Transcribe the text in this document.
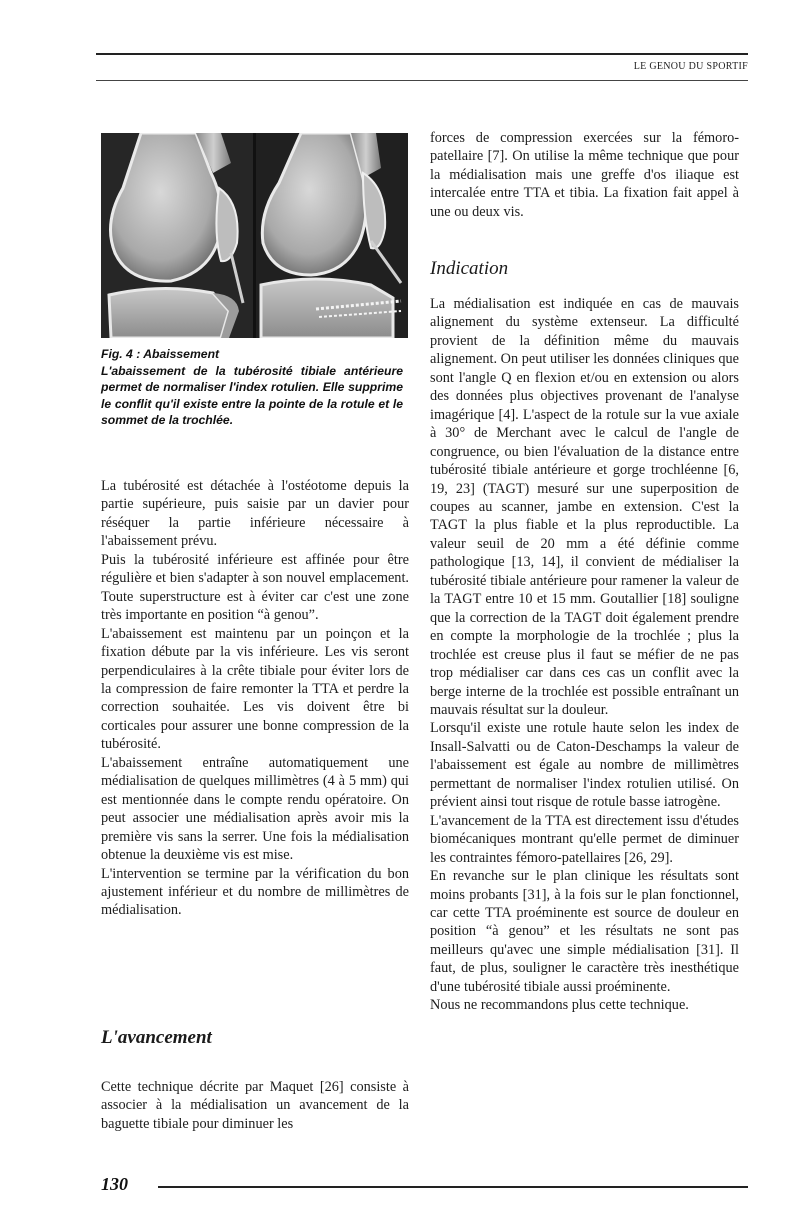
LE GENOU DU SPORTIF
Fig. 4 : Abaissement
L'abaissement de la tubérosité tibiale antérieure permet de normaliser l'index rotulien. Elle supprime le conflit qu'il existe entre la pointe de la rotule et le sommet de la trochlée.

La tubérosité est détachée à l'ostéotome depuis la partie supérieure, puis saisie par un davier pour réséquer la partie inférieure nécessaire à l'abaissement prévu.

Puis la tubérosité inférieure est affinée pour être régulière et bien s'adapter à son nouvel emplacement. Toute superstructure est à éviter car c'est une zone très importante en position “à genou”.

L'abaissement est maintenu par un poinçon et la fixation débute par la vis inférieure. Les vis seront perpendiculaires à la crête tibiale pour éviter lors de la compression de faire remonter la TTA et perdre la correction souhaitée. Les vis doivent être bi corticales pour assurer une bonne compression de la tubérosité.

L'abaissement entraîne automatiquement une médialisation de quelques millimètres (4 à 5 mm) qui est mentionnée dans le compte rendu opératoire. On peut associer une médialisation après avoir mis la première vis sans la serrer. Une fois la médialisation obtenue la deuxième vis est mise.

L'intervention se termine par la vérification du bon ajustement inférieur et du nombre de millimètres de médialisation.

L'avancement

Cette technique décrite par Maquet [26] consiste à associer à la médialisation un avancement de la baguette tibiale pour diminuer les

forces de compression exercées sur la fémoro-patellaire [7]. On utilise la même technique que pour la médialisation mais une greffe d'os iliaque est intercalée entre TTA et tibia. La fixation fait appel à une ou deux vis.

Indication

La médialisation est indiquée en cas de mauvais alignement du système extenseur. La difficulté provient de la définition même du mauvais alignement. On peut utiliser les données cliniques que sont l'angle Q en flexion et/ou en extension ou alors des données plus objectives provenant de l'analyse imagérique [4]. L'aspect de la rotule sur la vue axiale à 30° de Merchant avec le calcul de l'angle de congruence, ou bien l'évaluation de la distance entre tubérosité tibiale antérieure et gorge trochléenne [6, 19, 23] (TAGT) mesuré sur une superposition de coupes au scanner, jambe en extension. C'est la TAGT la plus fiable et la plus reproductible. La valeur seuil de 20 mm a été définie comme pathologique [13, 14], il convient de médialiser la tubérosité tibiale antérieure pour ramener la valeur de la TAGT entre 10 et 15 mm. Goutallier [18] souligne que la correction de la TAGT doit également prendre en compte la morphologie de la trochlée ; plus la trochlée est creuse plus il faut se méfier de ne pas trop médialiser car dans ces cas un conflit avec la berge interne de la trochlée est possible entraînant un mauvais résultat sur la douleur.

Lorsqu'il existe une rotule haute selon les index de Insall-Salvatti ou de Caton-Deschamps la valeur de l'abaissement est égale au nombre de millimètres permettant de normaliser l'index rotulien utilisé. On prévient ainsi tout risque de rotule basse iatrogène.

L'avancement de la TTA est directement issu d'études biomécaniques montrant qu'elle permet de diminuer les contraintes fémoro-patellaires [26, 29].

En revanche sur le plan clinique les résultats sont moins probants [31], à la fois sur le plan fonctionnel, car cette TTA proéminente est source de douleur en position “à genou” et les résultats ne sont pas meilleurs qu'avec une simple médialisation [31]. Il faut, de plus, souligner le caractère très inesthétique d'une tubérosité tibiale aussi proéminente.

Nous ne recommandons plus cette technique.

130
